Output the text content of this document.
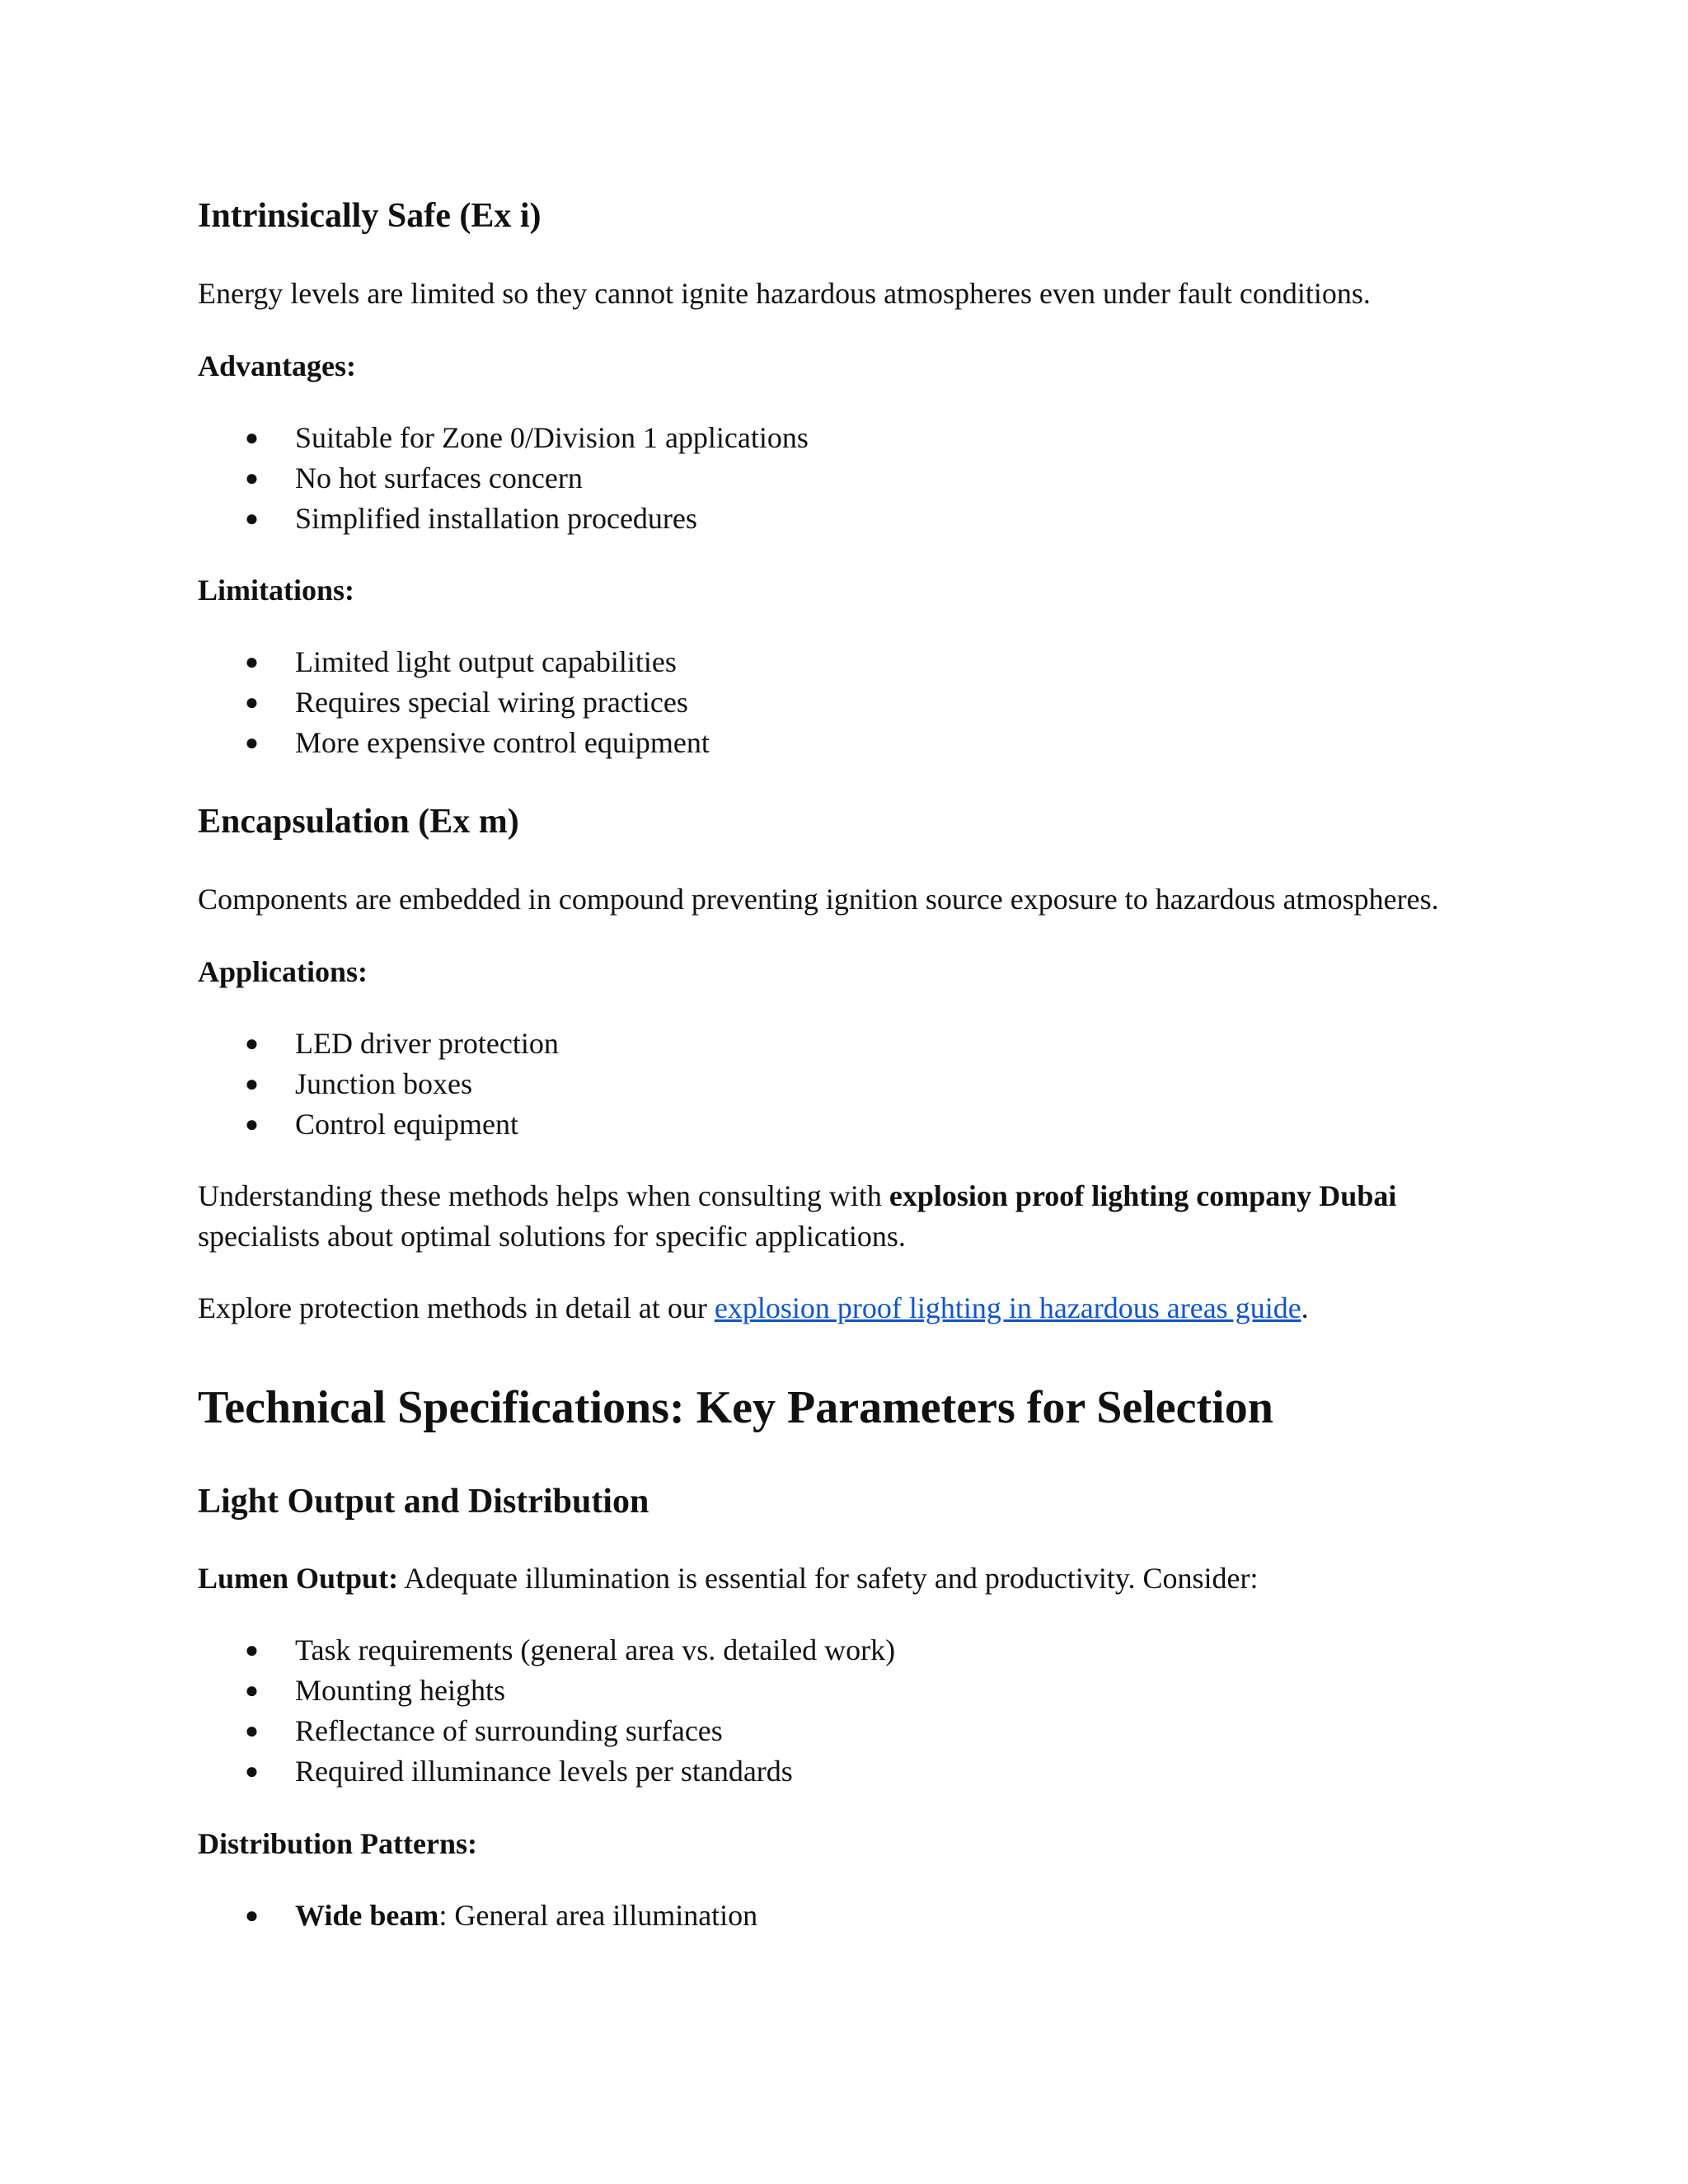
Intrinsically Safe (Ex i)

Energy levels are limited so they cannot ignite hazardous atmospheres even under fault conditions.

Advantages:

● Suitable for Zone 0/Division 1 applications
● No hot surfaces concern
● Simplified installation procedures

Limitations:

● Limited light output capabilities
● Requires special wiring practices
● More expensive control equipment
Encapsulation (Ex m)

Components are embedded in compound preventing ignition source exposure to hazardous atmospheres.

Applications:

● LED driver protection
● Junction boxes
● Control equipment

Understanding these methods helps when consulting with explosion proof lighting company Dubai specialists about optimal solutions for specific applications.

Explore protection methods in detail at our explosion proof lighting in hazardous areas guide.

Technical Specifications: Key Parameters for Selection
Light Output and Distribution

Lumen Output: Adequate illumination is essential for safety and productivity. Consider:

● Task requirements (general area vs. detailed work)
● Mounting heights
● Reflectance of surrounding surfaces
● Required illuminance levels per standards

Distribution Patterns:

● Wide beam: General area illumination
